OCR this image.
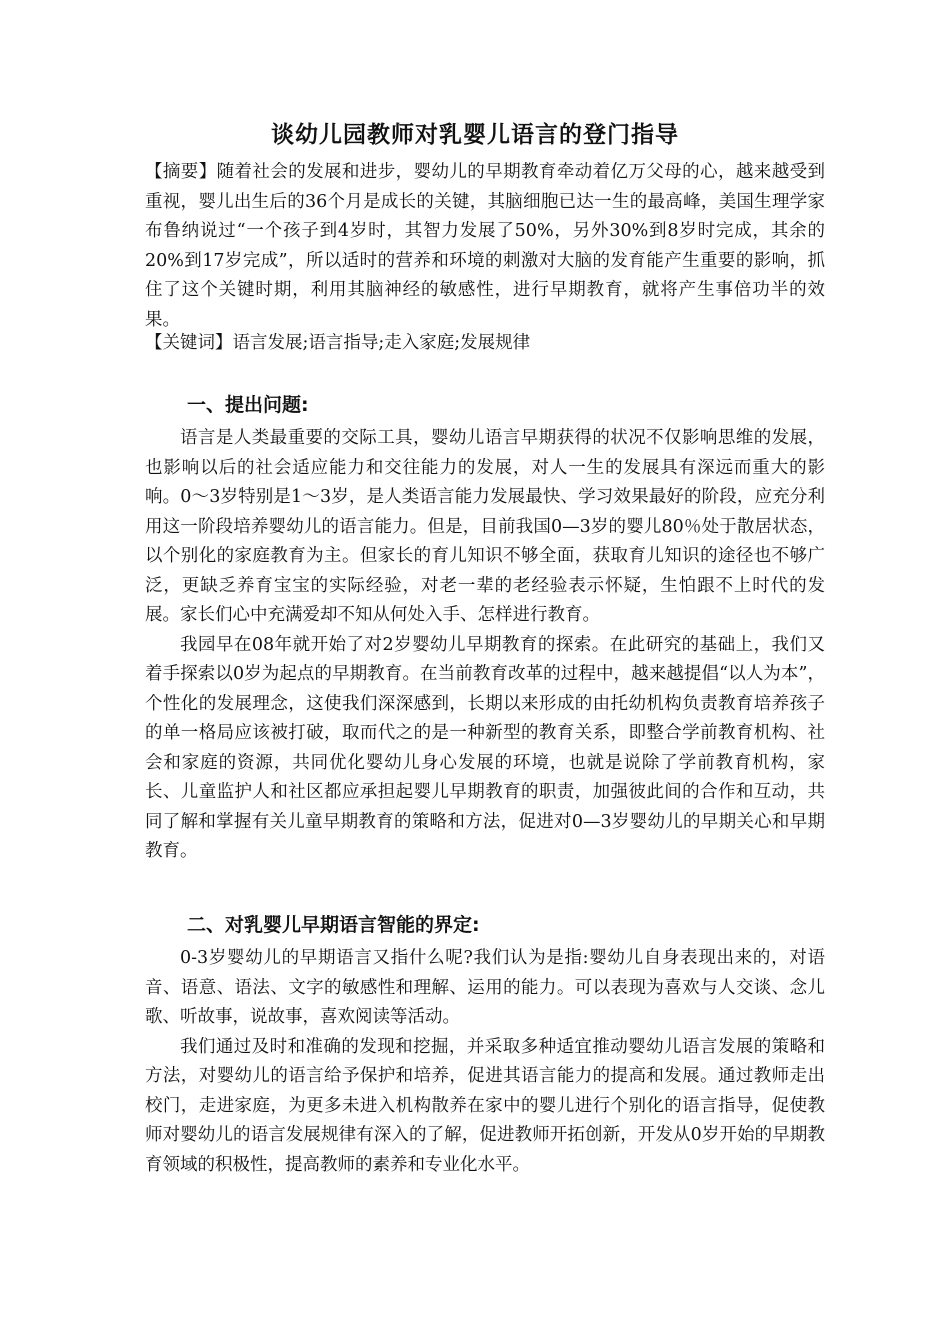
谈幼儿园教师对乳婴儿语言的登门指导

【摘要】随着社会的发展和进步，婴幼儿的早期教育牵动着亿万父母的心，越来越受到重视，婴儿出生后的36个月是成长的关键，其脑细胞已达一生的最高峰，美国生理学家布鲁纳说过“一个孩子到4岁时，其智力发展了50%，另外30%到8岁时完成，其余的20%到17岁完成”，所以适时的营养和环境的刺激对大脑的发育能产生重要的影响，抓住了这个关键时期，利用其脑神经的敏感性，进行早期教育，就将产生事倍功半的效果。

【关键词】语言发展;语言指导;走入家庭;发展规律

一、提出问题:

语言是人类最重要的交际工具，婴幼儿语言早期获得的状况不仅影响思维的发展，也影响以后的社会适应能力和交往能力的发展，对人一生的发展具有深远而重大的影响。0～3岁特别是1～3岁，是人类语言能力发展最快、学习效果最好的阶段，应充分利用这一阶段培养婴幼儿的语言能力。但是，目前我国0—3岁的婴儿80％处于散居状态，以个别化的家庭教育为主。但家长的育儿知识不够全面，获取育儿知识的途径也不够广泛，更缺乏养育宝宝的实际经验，对老一辈的老经验表示怀疑，生怕跟不上时代的发展。家长们心中充满爱却不知从何处入手、怎样进行教育。

我园早在08年就开始了对2岁婴幼儿早期教育的探索。在此研究的基础上，我们又着手探索以0岁为起点的早期教育。在当前教育改革的过程中，越来越提倡“以人为本”，个性化的发展理念，这使我们深深感到，长期以来形成的由托幼机构负责教育培养孩子的单一格局应该被打破，取而代之的是一种新型的教育关系，即整合学前教育机构、社会和家庭的资源，共同优化婴幼儿身心发展的环境，也就是说除了学前教育机构，家长、儿童监护人和社区都应承担起婴儿早期教育的职责，加强彼此间的合作和互动，共同了解和掌握有关儿童早期教育的策略和方法，促进对0—3岁婴幼儿的早期关心和早期教育。

二、对乳婴儿早期语言智能的界定:

0-3岁婴幼儿的早期语言又指什么呢?我们认为是指:婴幼儿自身表现出来的，对语音、语意、语法、文字的敏感性和理解、运用的能力。可以表现为喜欢与人交谈、念儿歌、听故事，说故事，喜欢阅读等活动。

我们通过及时和准确的发现和挖掘，并采取多种适宜推动婴幼儿语言发展的策略和方法，对婴幼儿的语言给予保护和培养，促进其语言能力的提高和发展。通过教师走出校门，走进家庭，为更多未进入机构散养在家中的婴儿进行个别化的语言指导，促使教师对婴幼儿的语言发展规律有深入的了解，促进教师开拓创新，开发从0岁开始的早期教育领域的积极性，提高教师的素养和专业化水平。
